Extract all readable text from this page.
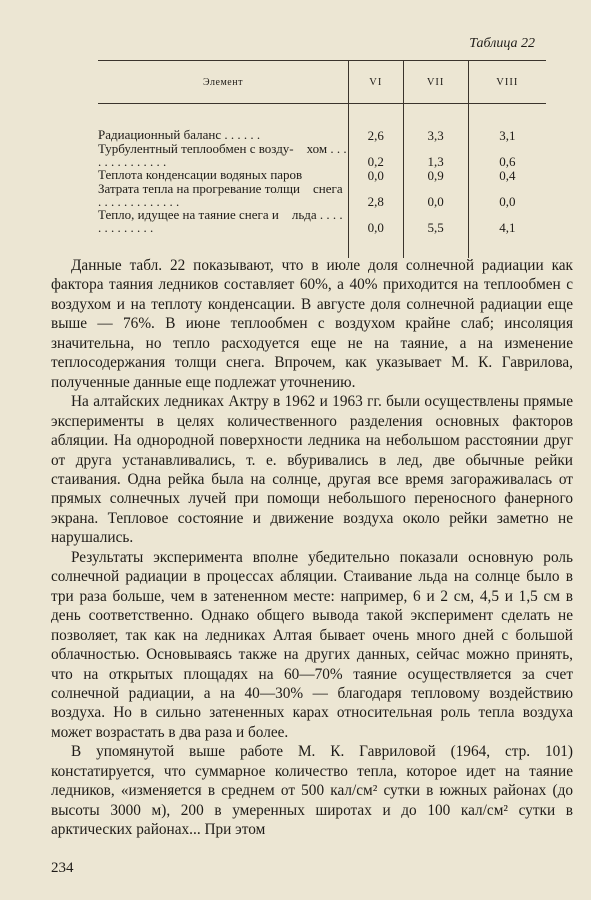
Таблица 22
Элемент	VI	VII	VIII

Радиационный баланс . . . . . .	2,6	3,3	3,1
Турбулентный теплообмен с возду-    хом . . . . . . . . . . . . . .	0,2	1,3	0,6
Теплота конденсации водяных паров	0,0	0,9	0,4
Затрата тепла на прогревание толщи    снега . . . . . . . . . . . . .	2,8	0,0	0,0
Тепло, идущее на таяние снега и    льда . . . . . . . . . . . . .	0,0	5,5	4,1

Данные табл. 22 показывают, что в июле доля солнечной радиации как фактора таяния ледников составляет 60%, а 40% приходится на теплообмен с воздухом и на теплоту конденсации. В августе доля солнечной радиации еще выше — 76%. В июне теплообмен с воздухом крайне слаб; инсоляция значительна, но тепло расходуется еще не на таяние, а на изменение теплосодержания толщи снега. Впрочем, как указывает М. К. Гаврилова, полученные данные еще подлежат уточнению.

На алтайских ледниках Актру в 1962 и 1963 гг. были осуществлены прямые эксперименты в целях количественного разделения основных факторов абляции. На однородной поверхности ледника на небольшом расстоянии друг от друга устанавливались, т. е. вбуривались в лед, две обычные рейки стаивания. Одна рейка была на солнце, другая все время загораживалась от прямых солнечных лучей при помощи небольшого переносного фанерного экрана. Тепловое состояние и движение воздуха около рейки заметно не нарушались.

Результаты эксперимента вполне убедительно показали основную роль солнечной радиации в процессах абляции. Стаивание льда на солнце было в три раза больше, чем в затененном месте: например, 6 и 2 см, 4,5 и 1,5 см в день соответственно. Однако общего вывода такой эксперимент сделать не позволяет, так как на ледниках Алтая бывает очень много дней с большой облачностью. Основываясь также на других данных, сейчас можно принять, что на открытых площадях на 60—70% таяние осуществляется за счет солнечной радиации, а на 40—30% — благодаря тепловому воздействию воздуха. Но в сильно затененных карах относительная роль тепла воздуха может возрастать в два раза и более.

В упомянутой выше работе М. К. Гавриловой (1964, стр. 101) констатируется, что суммарное количество тепла, которое идет на таяние ледников, «изменяется в среднем от 500 кал/см² сутки в южных районах (до высоты 3000 м), 200 в умеренных широтах и до 100 кал/см² сутки в арктических районах... При этом

234
